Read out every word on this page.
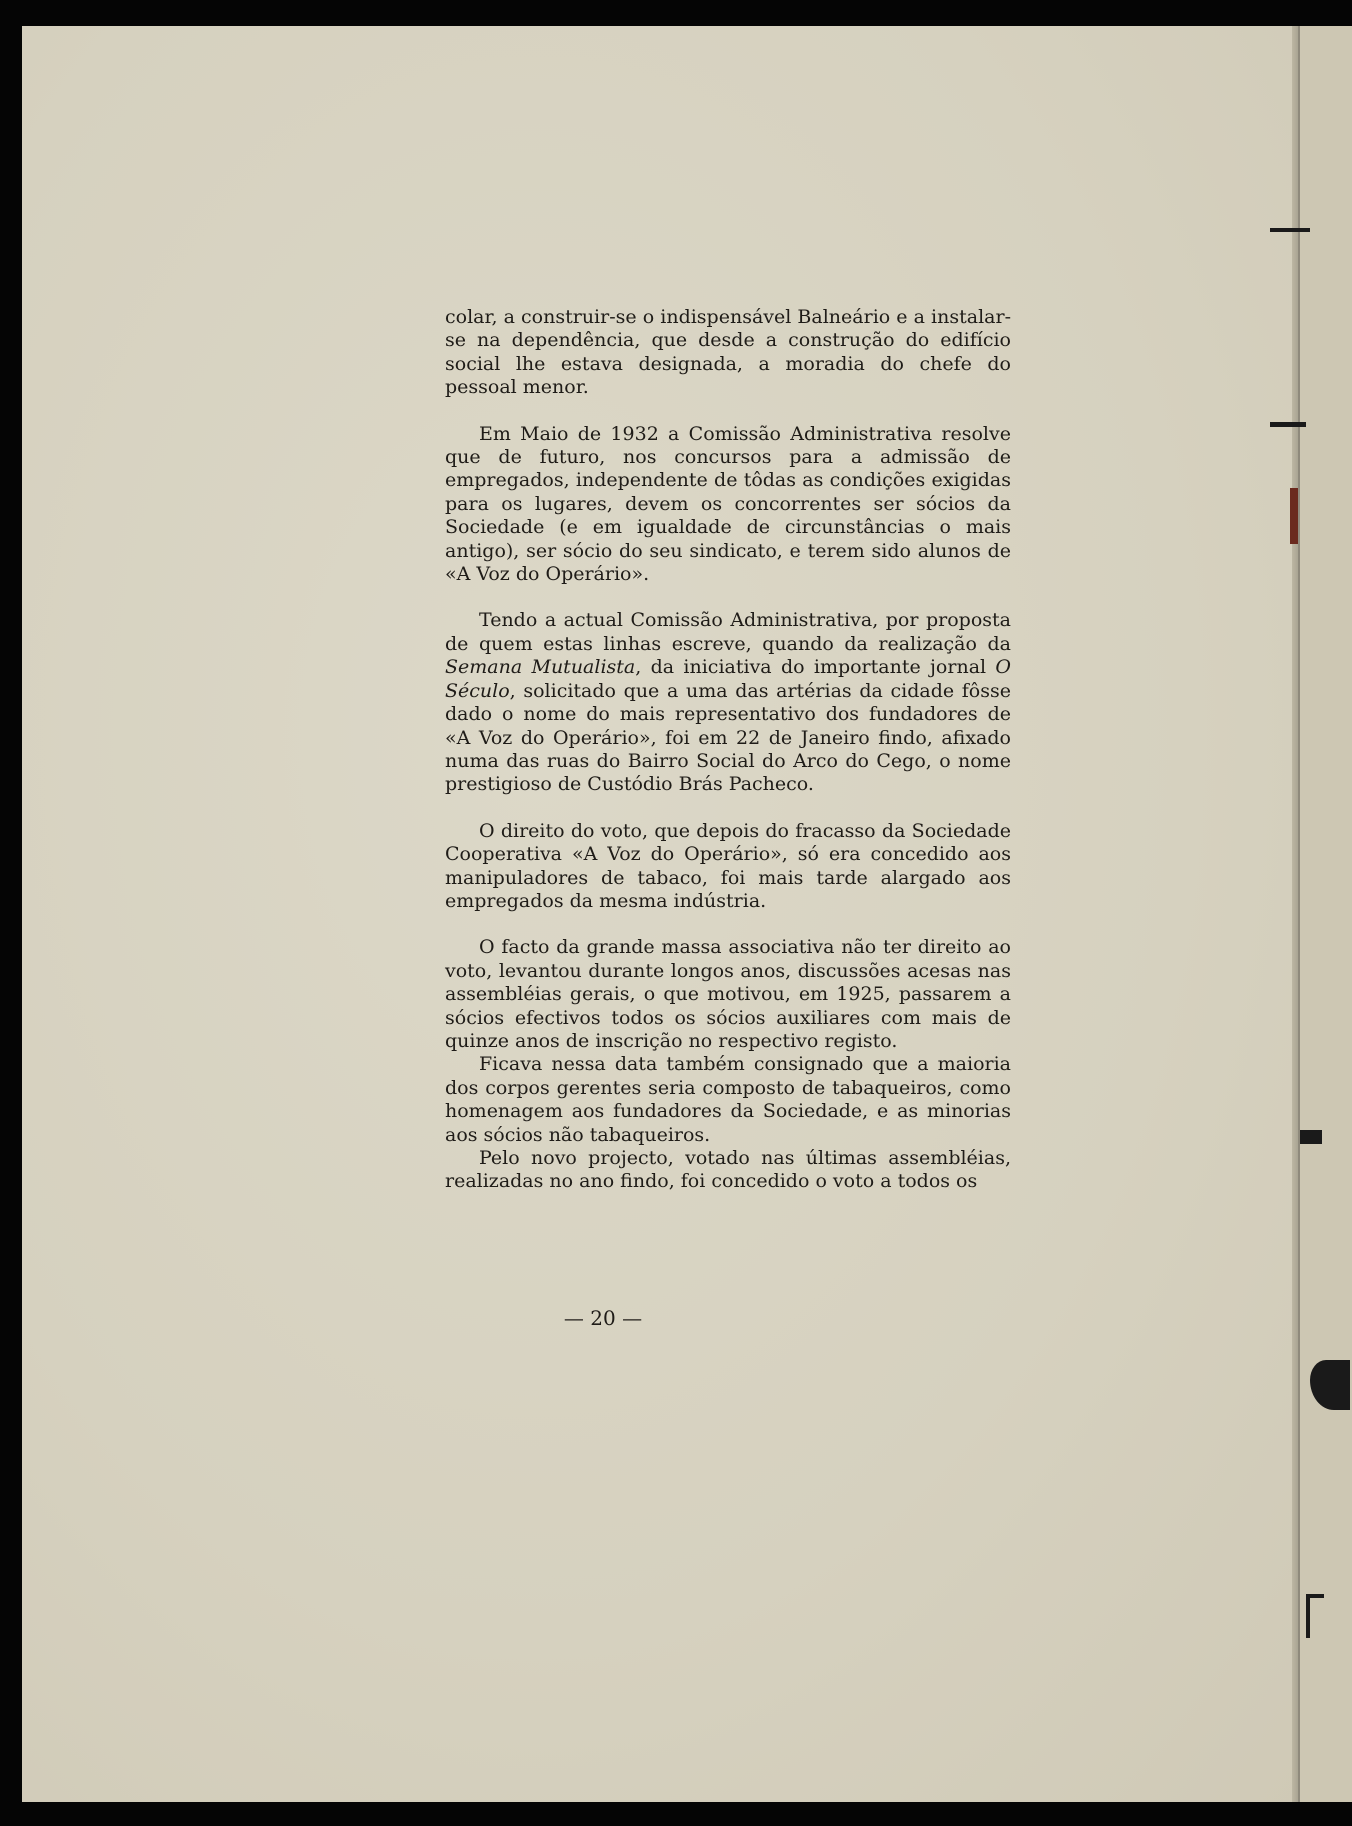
colar, a construir-se o indispensável Balneário e a instalar-se na dependência, que desde a construção do edifício social lhe estava designada, a moradia do chefe do pessoal menor.

Em Maio de 1932 a Comissão Administrativa resolve que de futuro, nos concursos para a admissão de empregados, independente de tôdas as condições exigidas para os lugares, devem os concorrentes ser sócios da Sociedade (e em igualdade de circunstâncias o mais antigo), ser sócio do seu sindicato, e terem sido alunos de «A Voz do Operário».

Tendo a actual Comissão Administrativa, por proposta de quem estas linhas escreve, quando da realização da Semana Mutualista, da iniciativa do importante jornal O Século, solicitado que a uma das artérias da cidade fôsse dado o nome do mais representativo dos fundadores de «A Voz do Operário», foi em 22 de Janeiro findo, afixado numa das ruas do Bairro Social do Arco do Cego, o nome prestigioso de Custódio Brás Pacheco.

O direito do voto, que depois do fracasso da Sociedade Cooperativa «A Voz do Operário», só era concedido aos manipuladores de tabaco, foi mais tarde alargado aos empregados da mesma indústria.

O facto da grande massa associativa não ter direito ao voto, levantou durante longos anos, discussões acesas nas assembléias gerais, o que motivou, em 1925, passarem a sócios efectivos todos os sócios auxiliares com mais de quinze anos de inscrição no respectivo registo.

Ficava nessa data também consignado que a maioria dos corpos gerentes seria composto de tabaqueiros, como homenagem aos fundadores da Sociedade, e as minorias aos sócios não tabaqueiros.

Pelo novo projecto, votado nas últimas assembléias, realizadas no ano findo, foi concedido o voto a todos os

— 20 —
